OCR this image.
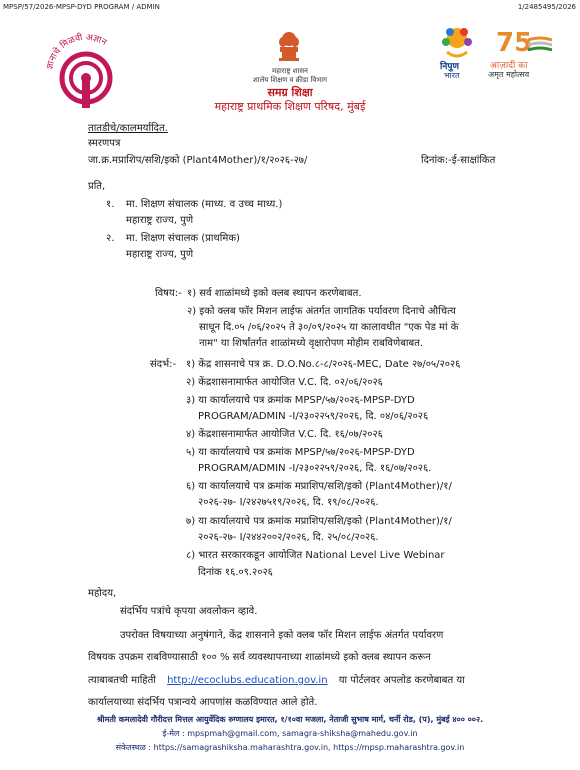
MPSP/57/2026-MPSP-DYD PROGRAM / ADMIN	1/2485495/2026
ज्ञानाचे मिळवी अज्ञान
महाराष्ट्र शासन
शालेय शिक्षण व क्रीडा विभाग
समग्र शिक्षा
महाराष्ट्र प्राथमिक शिक्षण परिषद, मुंबई
निपुण
भारत
75
आज़ादी का
अमृत महोत्सव
तातडीचे/कालमर्यादित.
स्मरणपत्र
जा.क्र.मप्राशिप/सशि/इको (Plant4Mother)/१/२०२६-२७/	दिनांक:-ई-साक्षांकित
प्रति,
१. मा. शिक्षण संचालक (माध्य. व उच्च माध्य.)
महाराष्ट्र राज्य, पुणे
२. मा. शिक्षण संचालक (प्राथमिक)
महाराष्ट्र राज्य, पुणे
विषय:- १) सर्व शाळांमध्ये इको क्लब स्थापन करणेबाबत.
२) इको क्लब फॉर मिशन लाईफ अंतर्गत जागतिक पर्यावरण दिनाचे औचित्य
साधून दि.०५ /०६/२०२५ ते ३०/०९/२०२५ या कालावधीत "एक पेड मां के
नाम" या शिर्षांतर्गत शाळांमध्ये वृक्षारोपण मोहीम राबविणेबाबत.
संदर्भ:- १) केंद्र शासनाचे पत्र क्र. D.O.No.८-८/२०२६-MEC, Date २७/०५/२०२६
२) केंद्रशासनामार्फत आयोजित V.C. दि. ०२/०६/२०२६
३) या कार्यालयाचे पत्र क्रमांक MPSP/५७/२०२६-MPSP-DYD
PROGRAM/ADMIN -I/२३०२२५९/२०२६, दि. ०४/०६/२०२६
४) केंद्रशासनामार्फत आयोजित V.C. दि. १६/०७/२०२६
५) या कार्यालयाचे पत्र क्रमांक MPSP/५७/२०२६-MPSP-DYD
PROGRAM/ADMIN -I/२३०२२५९/२०२६, दि. १६/०७/२०२६.
६) या कार्यालयाचे पत्र क्रमांक मप्राशिप/सशि/इको (Plant4Mother)/१/
२०२६-२७- I/२४२७५१९/२०२६, दि. १९/०८/२०२६.
७) या कार्यालयाचे पत्र क्रमांक मप्राशिप/सशि/इको (Plant4Mother)/१/
२०२६-२७- I/२४४२००२/२०२६, दि. २५/०८/२०२६.
८) भारत सरकारकडून आयोजित National Level Live Webinar
दिनांक १६.०९.२०२६
महोदय,
संदर्भिय पत्रांचे कृपया अवलोकन व्हावे.
उपरोक्त विषयाच्या अनुषंगाने, केंद्र शासनाने इको क्लब फॉर मिशन लाईफ अंतर्गत पर्यावरण
विषयक उपक्रम राबविण्यासाठी १०० % सर्व व्यवस्थापनाच्या शाळांमध्ये इको क्लब स्थापन करून
त्याबाबतची माहिती http://ecoclubs.education.gov.in या पोर्टलवर अपलोड करणेबाबत या
कार्यालयाच्या संदर्भिय पत्रान्वये आपणांस कळविण्यात आले होते.
श्रीमती कमलादेवी गौरीदत्त मित्तल आयुर्वेदिक रुग्णालय इमारत, १/१०वा मजला, नेताजी सुभाष मार्ग, चर्नी रोड, (प), मुंबई ४०० ००२.
ई-मेल : mpspmah@gmail.com, samagra-shiksha@mahedu.gov.in
संकेतस्थळ : https://samagrashiksha.maharashtra.gov.in, https://mpsp.maharashtra.gov.in
